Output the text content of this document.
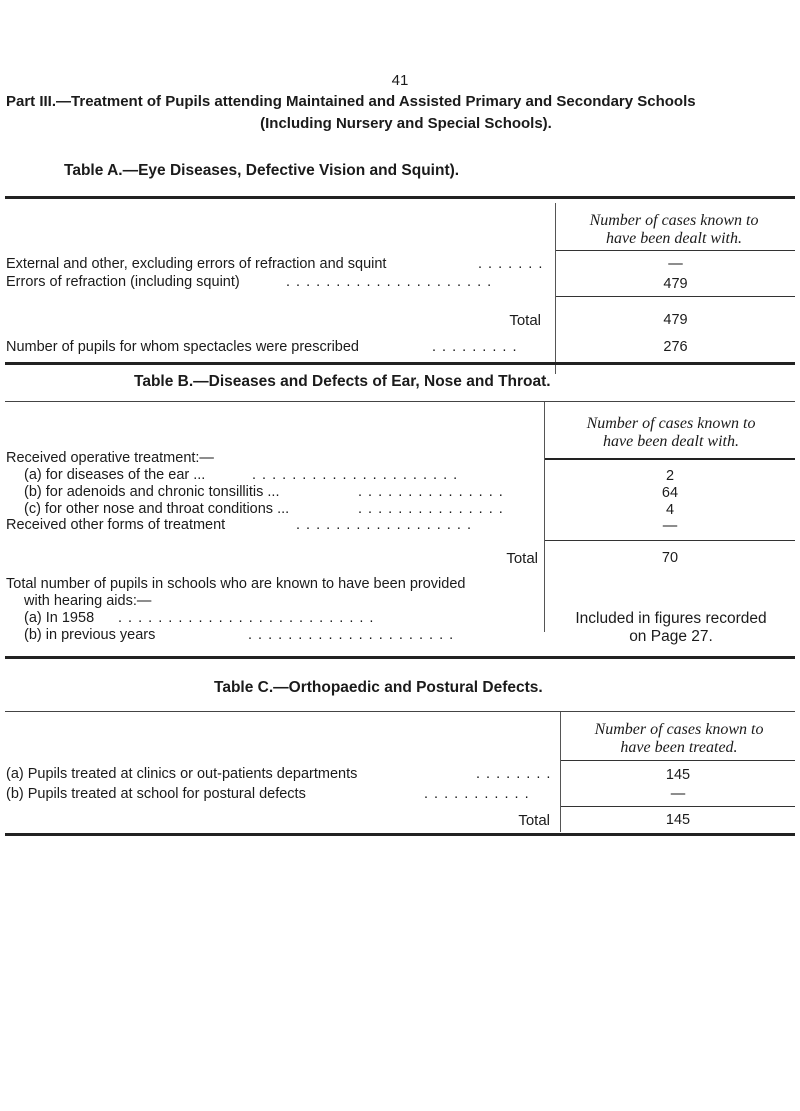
41
Part III.—Treatment of Pupils attending Maintained and Assisted Primary and Secondary Schools
(Including Nursery and Special Schools).
Table A.—Eye Diseases, Defective Vision and Squint).
Number of cases known to
have been dealt with.
External and other, excluding errors of refraction and squint	. . . . . . .	—
Errors of refraction (including squint)	. . . . . . . . . . . . . . . . . . . . .	479
Total	479
Number of pupils for whom spectacles were prescribed	. . . . . . . . .	276
Table B.—Diseases and Defects of Ear, Nose and Throat.
Number of cases known to
have been dealt with.
Received operative treatment:—
(a) for diseases of the ear ...	. . . . . . . . . . . . . . . . . . . . .	2
(b) for adenoids and chronic tonsillitis ...	. . . . . . . . . . . . . . .	64
(c) for other nose and throat conditions ...	. . . . . . . . . . . . . . .	4
Received other forms of treatment	. . . . . . . . . . . . . . . . . .	—
Total	70
Total number of pupils in schools who are known to have been provided
with hearing aids:—
(a) In 1958 . . . . . . . . . . . . . . . . . . . . . . . . . .
(b) in previous years	. . . . . . . . . . . . . . . . . . . . .
Included in figures recorded
on Page 27.
Table C.—Orthopaedic and Postural Defects.
Number of cases known to
have been treated.
(a) Pupils treated at clinics or out-patients departments	. . . . . . . .	145
(b) Pupils treated at school for postural defects	. . . . . . . . . . .	—
Total	145
